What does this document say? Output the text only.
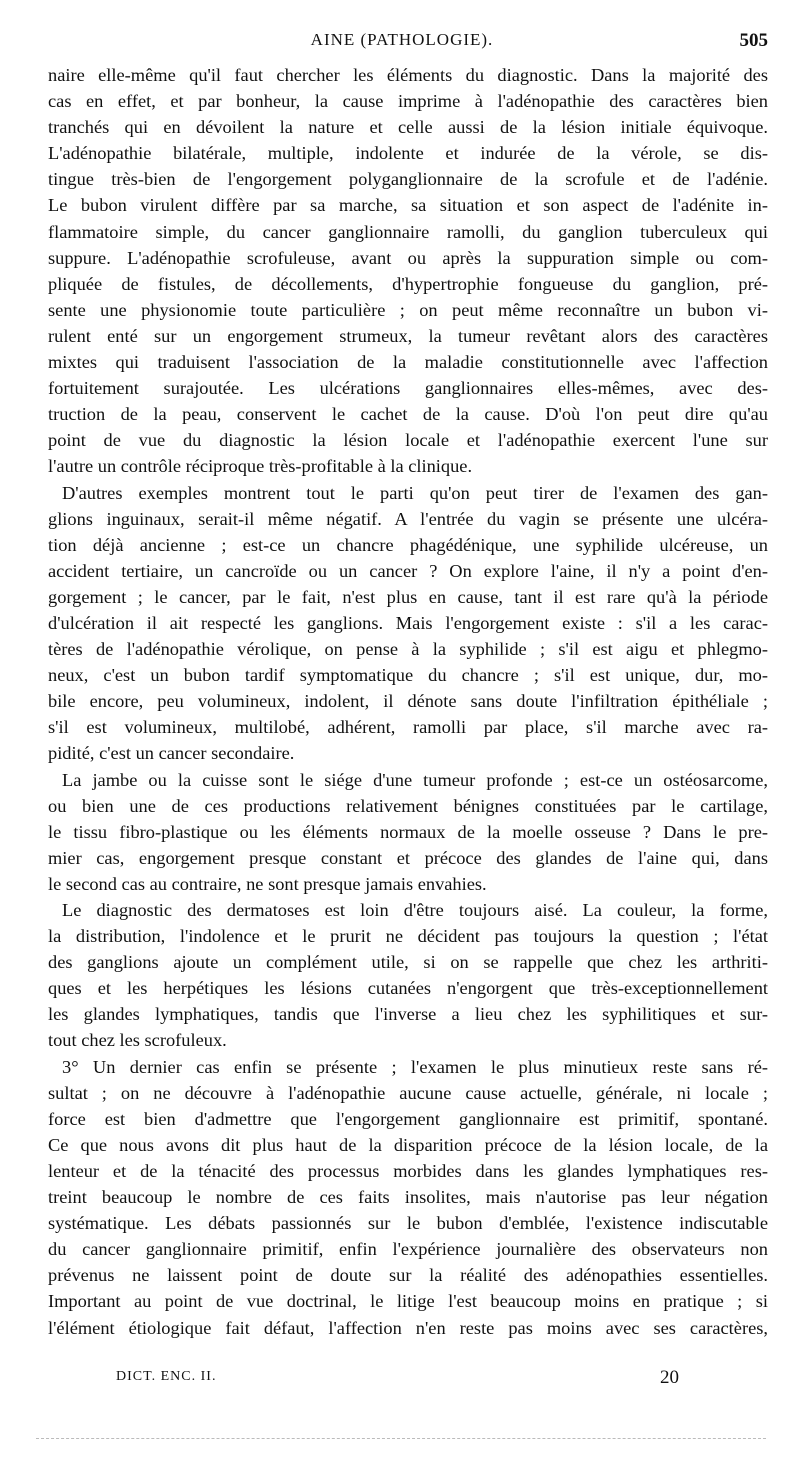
AINE (PATHOLOGIE).	505
naire elle-même qu'il faut chercher les éléments du diagnostic. Dans la majorité des
cas en effet, et par bonheur, la cause imprime à l'adénopathie des caractères bien
tranchés qui en dévoilent la nature et celle aussi de la lésion initiale équivoque.
L'adénopathie bilatérale, multiple, indolente et indurée de la vérole, se dis-
tingue très-bien de l'engorgement polyganglionnaire de la scrofule et de l'adénie.
Le bubon virulent diffère par sa marche, sa situation et son aspect de l'adénite in-
flammatoire simple, du cancer ganglionnaire ramolli, du ganglion tuberculeux qui
suppure. L'adénopathie scrofuleuse, avant ou après la suppuration simple ou com-
pliquée de fistules, de décollements, d'hypertrophie fongueuse du ganglion, pré-
sente une physionomie toute particulière ; on peut même reconnaître un bubon vi-
rulent enté sur un engorgement strumeux, la tumeur revêtant alors des caractères
mixtes qui traduisent l'association de la maladie constitutionnelle avec l'affection
fortuitement surajoutée. Les ulcérations ganglionnaires elles-mêmes, avec des-
truction de la peau, conservent le cachet de la cause. D'où l'on peut dire qu'au
point de vue du diagnostic la lésion locale et l'adénopathie exercent l'une sur
l'autre un contrôle réciproque très-profitable à la clinique.
D'autres exemples montrent tout le parti qu'on peut tirer de l'examen des gan-
glions inguinaux, serait-il même négatif. A l'entrée du vagin se présente une ulcéra-
tion déjà ancienne ; est-ce un chancre phagédénique, une syphilide ulcéreuse, un
accident tertiaire, un cancroïde ou un cancer ? On explore l'aine, il n'y a point d'en-
gorgement ; le cancer, par le fait, n'est plus en cause, tant il est rare qu'à la période
d'ulcération il ait respecté les ganglions. Mais l'engorgement existe : s'il a les carac-
tères de l'adénopathie vérolique, on pense à la syphilide ; s'il est aigu et phlegmo-
neux, c'est un bubon tardif symptomatique du chancre ; s'il est unique, dur, mo-
bile encore, peu volumineux, indolent, il dénote sans doute l'infiltration épithéliale ;
s'il est volumineux, multilobé, adhérent, ramolli par place, s'il marche avec ra-
pidité, c'est un cancer secondaire.
La jambe ou la cuisse sont le siége d'une tumeur profonde ; est-ce un ostéosarcome,
ou bien une de ces productions relativement bénignes constituées par le cartilage,
le tissu fibro-plastique ou les éléments normaux de la moelle osseuse ? Dans le pre-
mier cas, engorgement presque constant et précoce des glandes de l'aine qui, dans
le second cas au contraire, ne sont presque jamais envahies.
Le diagnostic des dermatoses est loin d'être toujours aisé. La couleur, la forme,
la distribution, l'indolence et le prurit ne décident pas toujours la question ; l'état
des ganglions ajoute un complément utile, si on se rappelle que chez les arthriti-
ques et les herpétiques les lésions cutanées n'engorgent que très-exceptionnellement
les glandes lymphatiques, tandis que l'inverse a lieu chez les syphilitiques et sur-
tout chez les scrofuleux.
3° Un dernier cas enfin se présente ; l'examen le plus minutieux reste sans ré-
sultat ; on ne découvre à l'adénopathie aucune cause actuelle, générale, ni locale ;
force est bien d'admettre que l'engorgement ganglionnaire est primitif, spontané.
Ce que nous avons dit plus haut de la disparition précoce de la lésion locale, de la
lenteur et de la ténacité des processus morbides dans les glandes lymphatiques res-
treint beaucoup le nombre de ces faits insolites, mais n'autorise pas leur négation
systématique. Les débats passionnés sur le bubon d'emblée, l'existence indiscutable
du cancer ganglionnaire primitif, enfin l'expérience journalière des observateurs non
prévenus ne laissent point de doute sur la réalité des adénopathies essentielles.
Important au point de vue doctrinal, le litige l'est beaucoup moins en pratique ; si
l'élément étiologique fait défaut, l'affection n'en reste pas moins avec ses caractères,
DICT. ENC. II.	20
